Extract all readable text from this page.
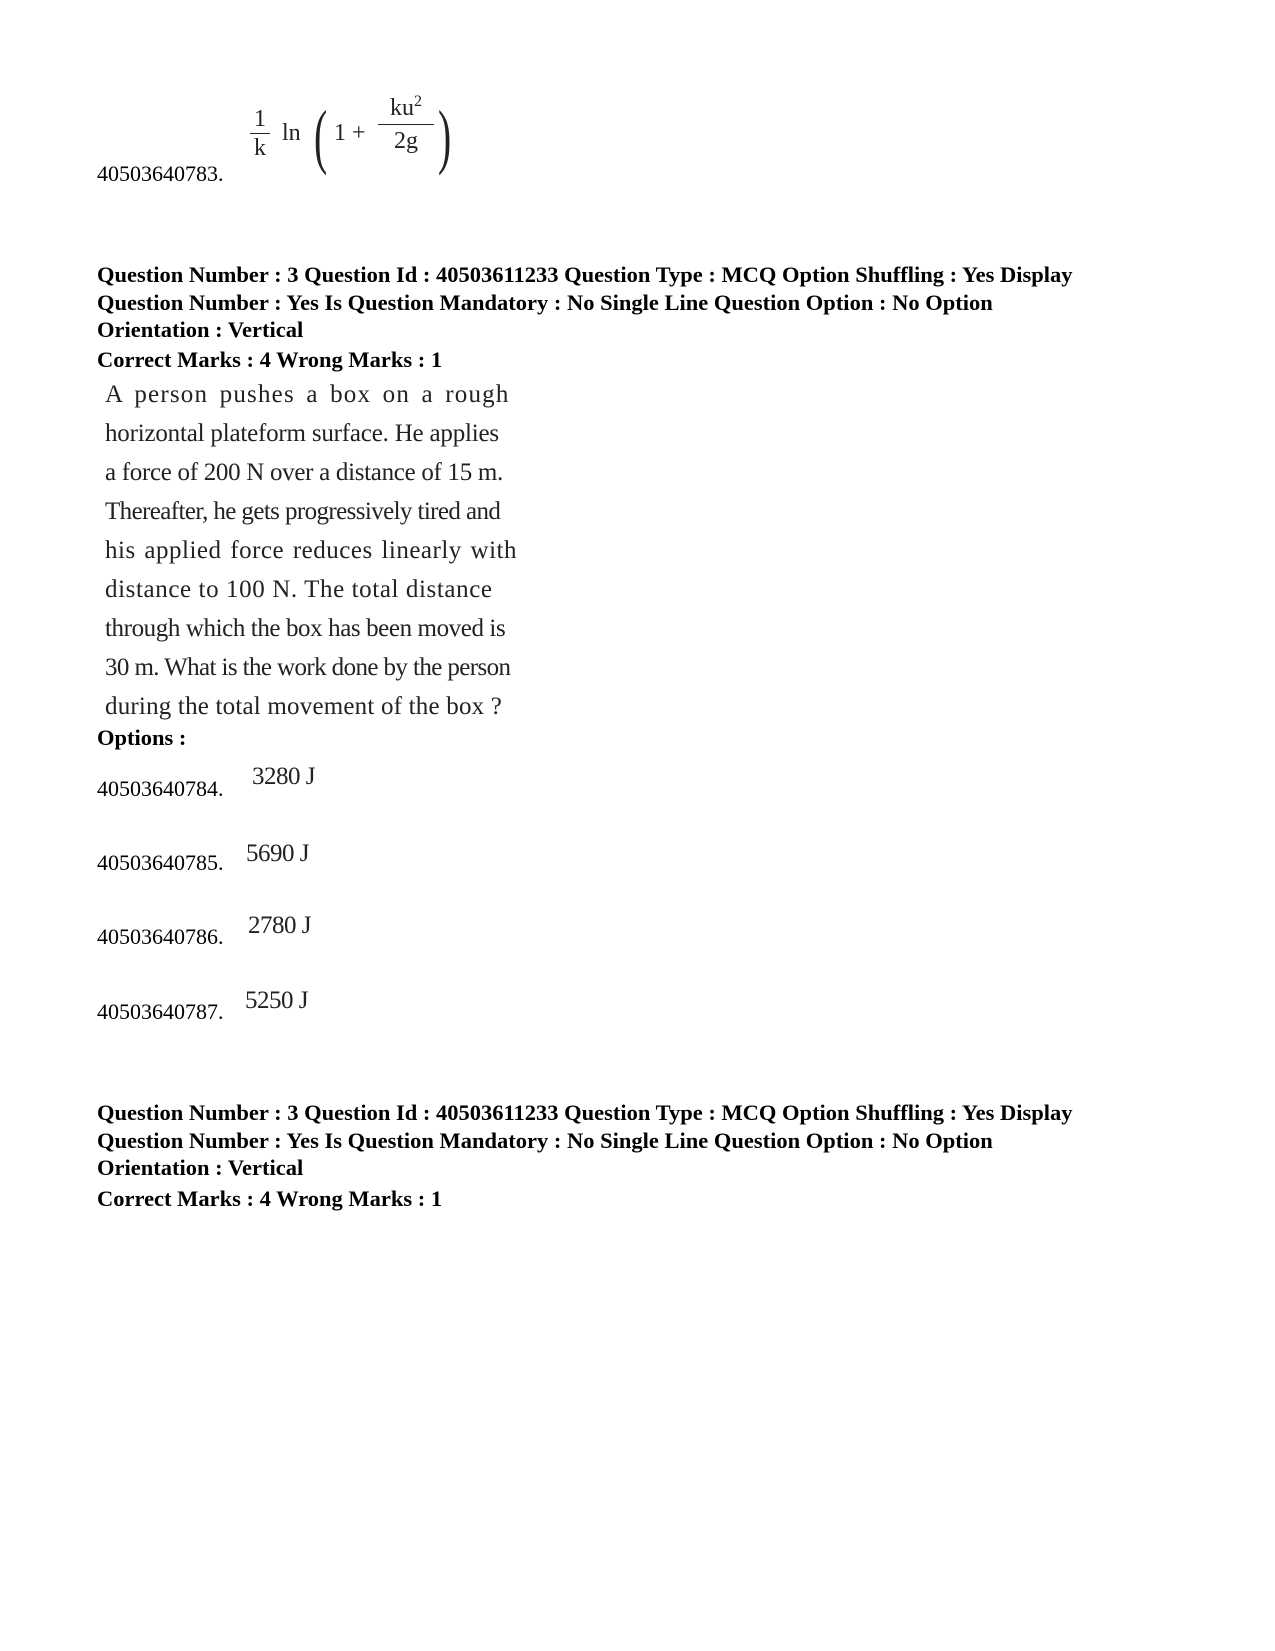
40503640783.
1
k
ln ( 1 +
$ku^2$
2g )
Question Number : 3 Question Id : 40503611233 Question Type : MCQ Option Shuffling : Yes Display
Question Number : Yes Is Question Mandatory : No Single Line Question Option : No Option
Orientation : Vertical
Correct Marks : 4 Wrong Marks : 1
A person pushes a box on a rough
horizontal plateform surface. He applies
a force of 200 N over a distance of 15 m.
Thereafter, he gets progressively tired and
his applied force reduces linearly with
distance to 100 N. The total distance
through which the box has been moved is
30 m. What is the work done by the person
during the total movement of the box ?
Options :
40503640784. 3280 J
40503640785. 5690 J
40503640786. 2780 J
40503640787. 5250 J
Question Number : 3 Question Id : 40503611233 Question Type : MCQ Option Shuffling : Yes Display
Question Number : Yes Is Question Mandatory : No Single Line Question Option : No Option
Orientation : Vertical
Correct Marks : 4 Wrong Marks : 1
